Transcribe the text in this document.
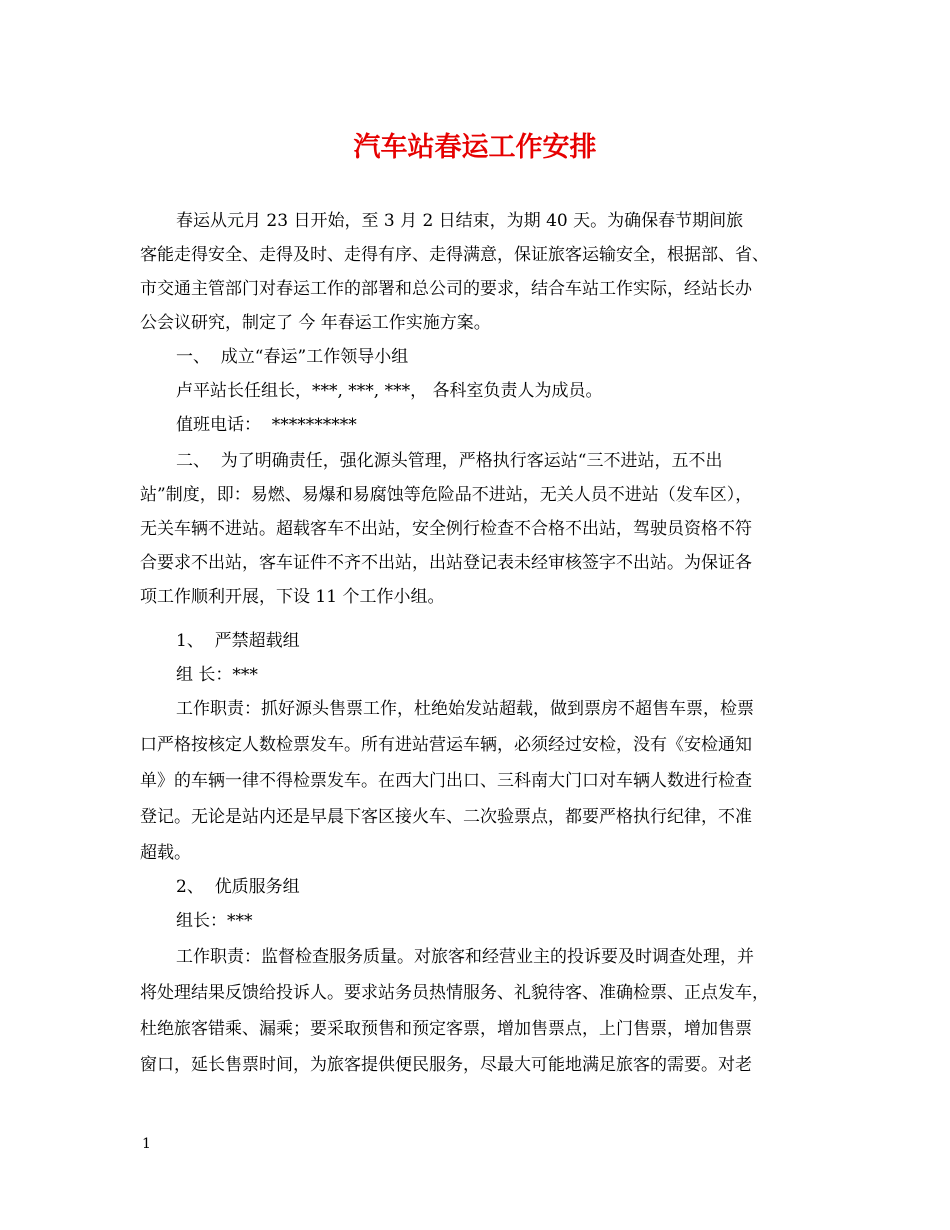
汽车站春运工作安排
春运从元月 23 日开始，至 3 月 2 日结束，为期 40 天。为确保春节期间旅
客能走得安全、走得及时、走得有序、走得满意，保证旅客运输安全，根据部、省、
市交通主管部门对春运工作的部署和总公司的要求，结合车站工作实际，经站长办
公会议研究，制定了 今 年春运工作实施方案。
一、  成立“春运”工作领导小组
卢平站长任组长，***, ***, ***， 各科室负责人为成员。
值班电话：  **********
二、  为了明确责任，强化源头管理，严格执行客运站“三不进站，五不出
站”制度，即：易燃、易爆和易腐蚀等危险品不进站，无关人员不进站（发车区），
无关车辆不进站。超载客车不出站，安全例行检查不合格不出站，驾驶员资格不符
合要求不出站，客车证件不齐不出站，出站登记表未经审核签字不出站。为保证各
项工作顺利开展，下设 11 个工作小组。
1、  严禁超载组
组 长：***
工作职责：抓好源头售票工作，杜绝始发站超载，做到票房不超售车票，检票
口严格按核定人数检票发车。所有进站营运车辆，必须经过安检，没有《安检通知
单》的车辆一律不得检票发车。在西大门出口、三科南大门口对车辆人数进行检查
登记。无论是站内还是早晨下客区接火车、二次验票点，都要严格执行纪律，不准
超载。
2、  优质服务组
组长：***
工作职责：监督检查服务质量。对旅客和经营业主的投诉要及时调查处理，并
将处理结果反馈给投诉人。要求站务员热情服务、礼貌待客、准确检票、正点发车，
杜绝旅客错乘、漏乘；要采取预售和预定客票，增加售票点，上门售票，增加售票
窗口，延长售票时间，为旅客提供便民服务，尽最大可能地满足旅客的需要。对老
1
